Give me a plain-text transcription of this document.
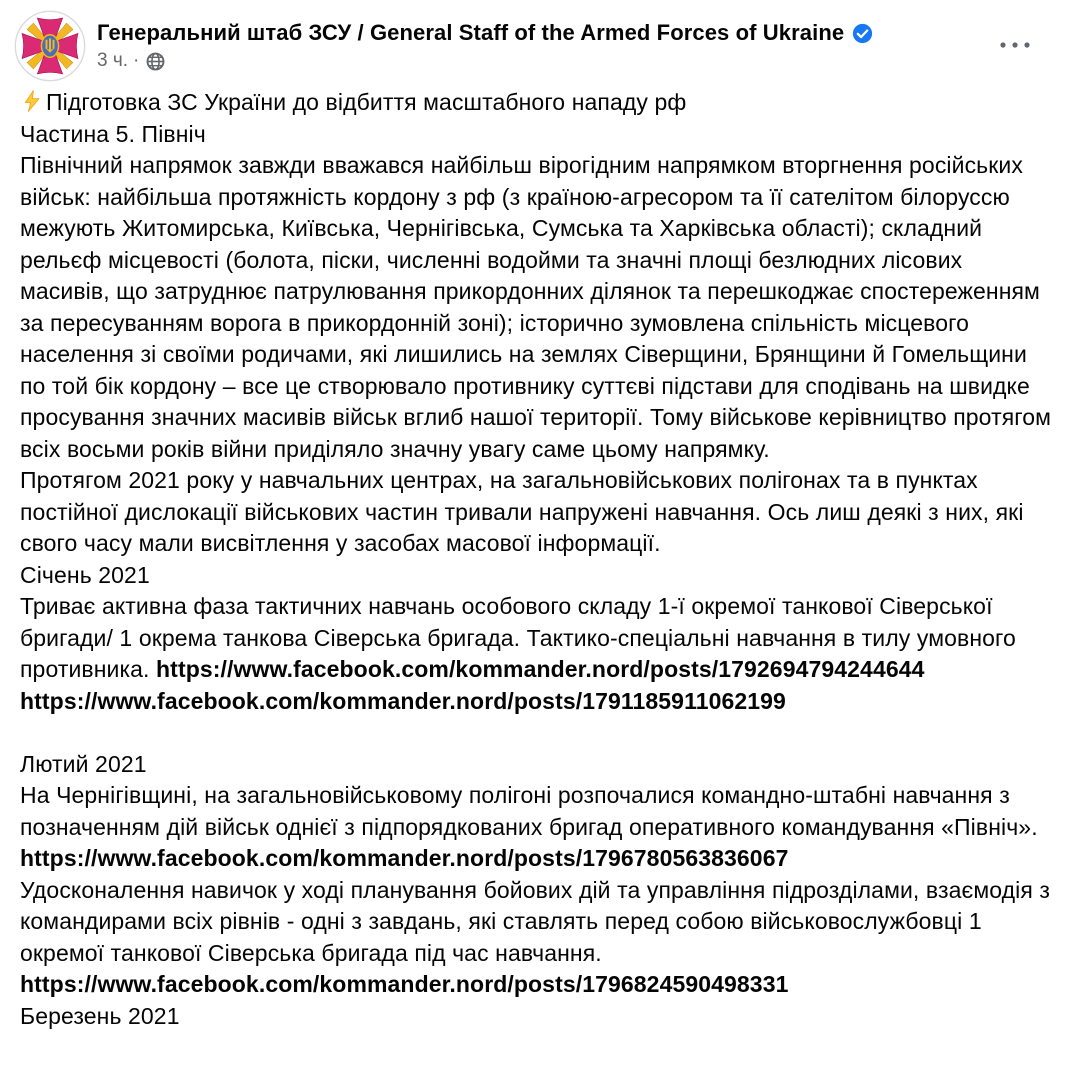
Генеральний штаб ЗСУ / General Staff of the Armed Forces of Ukraine
3 ч. ·
Підготовка ЗС України до відбиття масштабного нападу рф
Частина 5. Північ
Північний напрямок завжди вважався найбільш вірогідним напрямком вторгнення російських військ: найбільша протяжність кордону з рф (з країною-агресором та її сателітом білоруссю межують Житомирська, Київська, Чернігівська, Сумська та Харківська області); складний рельєф місцевості (болота, піски, численні водойми та значні площі безлюдних лісових масивів, що затруднює патрулювання прикордонних ділянок та перешкоджає спостереженням за пересуванням ворога в прикордонній зоні); історично зумовлена спільність місцевого населення зі своїми родичами, які лишились на землях Сіверщини, Брянщини й Гомельщини по той бік кордону – все це створювало противнику суттєві підстави для сподівань на швидке просування значних масивів військ вглиб нашої території. Тому військове керівництво протягом всіх восьми років війни приділяло значну увагу саме цьому напрямку.
Протягом 2021 року у навчальних центрах, на загальновійськових полігонах та в пунктах постійної дислокації військових частин тривали напружені навчання. Ось лиш деякі з них, які свого часу мали висвітлення у засобах масової інформації.
Січень 2021
Триває активна фаза тактичних навчань особового складу 1-ї окремої танкової Сіверської бригади/ 1 окрема танкова Сіверська бригада. Тактико-спеціальні навчання в тилу умовного противника. https://www.facebook.com/kommander.nord/posts/1792694794244644
https://www.facebook.com/kommander.nord/posts/1791185911062199
Лютий 2021
На Чернігівщині, на загальновійськовому полігоні розпочалися командно-штабні навчання з позначенням дій військ однієї з підпорядкованих бригад оперативного командування «Північ».
https://www.facebook.com/kommander.nord/posts/1796780563836067
Удосконалення навичок у ході планування бойових дій та управління підрозділами, взаємодія з командирами всіх рівнів - одні з завдань, які ставлять перед собою військовослужбовці 1 окремої танкової Сіверська бригада під час навчання.
https://www.facebook.com/kommander.nord/posts/1796824590498331
Березень 2021
